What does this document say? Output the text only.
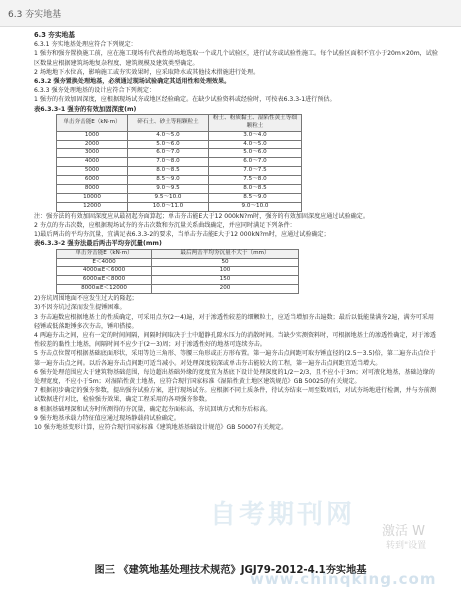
6.3 夯实地基

6.3 夯实地基

6.3.1 夯实地基处理应符合下列规定：

1 强夯和强夯置换施工前，应在施工现场有代表性的场地选取一个或几个试验区，进行试夯或试验性施工。每个试验区面积不宜小于20m×20m，试验区数量应根据建筑场地复杂程度、建筑规模及建筑类型确定。

2 场地地下水位高，影响施工或夯实效果时，应采取降水或其他技术措施进行处理。

6.3.2 强夯置换处理地基，必须通过现场试验确定其适用性和处理效果。

6.3.3 强夯处理地基的设计应符合下列规定：

1 强夯的有效加固深度，应根据现场试夯或地区经验确定。在缺少试验资料或经验时，可按表6.3.3-1进行预估。

表6.3.3-1 强夯的有效加固深度(m)

单击夯击能E（kN·m）	碎石土、砂土等粗颗粒土	粉土、粉质黏土、湿陷性黄土等细颗粒土
1000	4.0～5.0	3.0～4.0
2000	5.0～6.0	4.0～5.0
3000	6.0～7.0	5.0～6.0
4000	7.0～8.0	6.0～7.0
5000	8.0～8.5	7.0～7.5
6000	8.5～9.0	7.5～8.0
8000	9.0～9.5	8.0～8.5
10000	9.5～10.0	8.5～9.0
12000	10.0～11.0	9.0～10.0

注：强夯法的有效加固深度应从最初起夯面算起；单击夯击能E大于12 000kN?m时，强夯的有效加固深度应通过试验确定。

2 夯点的夯击次数，应根据现场试夯的夯击次数和夯沉量关系曲线确定，并应同时满足下列条件：

1)最后两击的平均夯沉量，宜满足表6.3.3-2的要求，当单击夯击能E大于12 000kN?m时，应通过试验确定；

表6.3.3-2 强夯法最后两击平均夯沉量(mm)

单击夯击能E（kN·m）	最后两击平均夯沉量不大于（mm）
E＜4000	50
4000≤E＜6000	100
6000≤E＜8000	150
8000≤E＜12000	200

2)夯坑周围地面不应发生过大的隆起；

3)不因夯坑过深而发生提锤困难。

3 夯击遍数应根据地基土的性质确定，可采用点夯(2～4)遍，对于渗透性较差的细颗粒土，应适当增加夯击遍数；最后以低能量满夯2遍，满夯可采用轻锤或低落距锤多次夯击，锤印搭接。

4 两遍夯击之间，应有一定的时间间隔，间隔时间取决于土中超静孔隙水压力的消散时间。当缺少实测资料时，可根据地基土的渗透性确定，对于渗透性较差的黏性土地基，间隔时间不应少于(2～3)周；对于渗透性好的地基可连续夯击。

5 夯击点位置可根据基础底面形状，采用等边三角形、等腰三角形或正方形布置。第一遍夯击点间距可取夯锤直径的(2.5～3.5)倍，第二遍夯击点位于第一遍夯击点之间。以后各遍夯击点间距可适当减小。对处理深度较深或单击夯击能较大的工程，第一遍夯击点间距宜适当增大。

6 强夯处理范围应大于建筑物基础范围，每边超出基础外缘的宽度宜为基底下设计处理深度的1/2～2/3，且不应小于3m；对可液化地基，基础边缘的处理宽度，不应小于5m；对湿陷性黄土地基，应符合现行国家标准《湿陷性黄土地区建筑规范》GB 50025的有关规定。

7 根据初步确定的强夯参数，提出强夯试验方案，进行现场试夯。应根据不同土质条件，待试夯结束一周至数周后，对试夯场地进行检测，并与夯前测试数据进行对比，检验强夯效果，确定工程采用的各项强夯参数。

8 根据基础埋深和试夯时所测得的夯沉量，确定起夯面标高、夯坑回填方式和夯后标高。

9 强夯地基承载力特征值应通过现场静载荷试验确定。

10 强夯地基变形计算，应符合现行国家标准《建筑地基基础设计规范》GB 50007有关规定。

自考期刊网
激活 W
转到"设置
图三 《建筑地基处理技术规范》JGJ79-2012-4.1夯实地基
www.chinqking.com
